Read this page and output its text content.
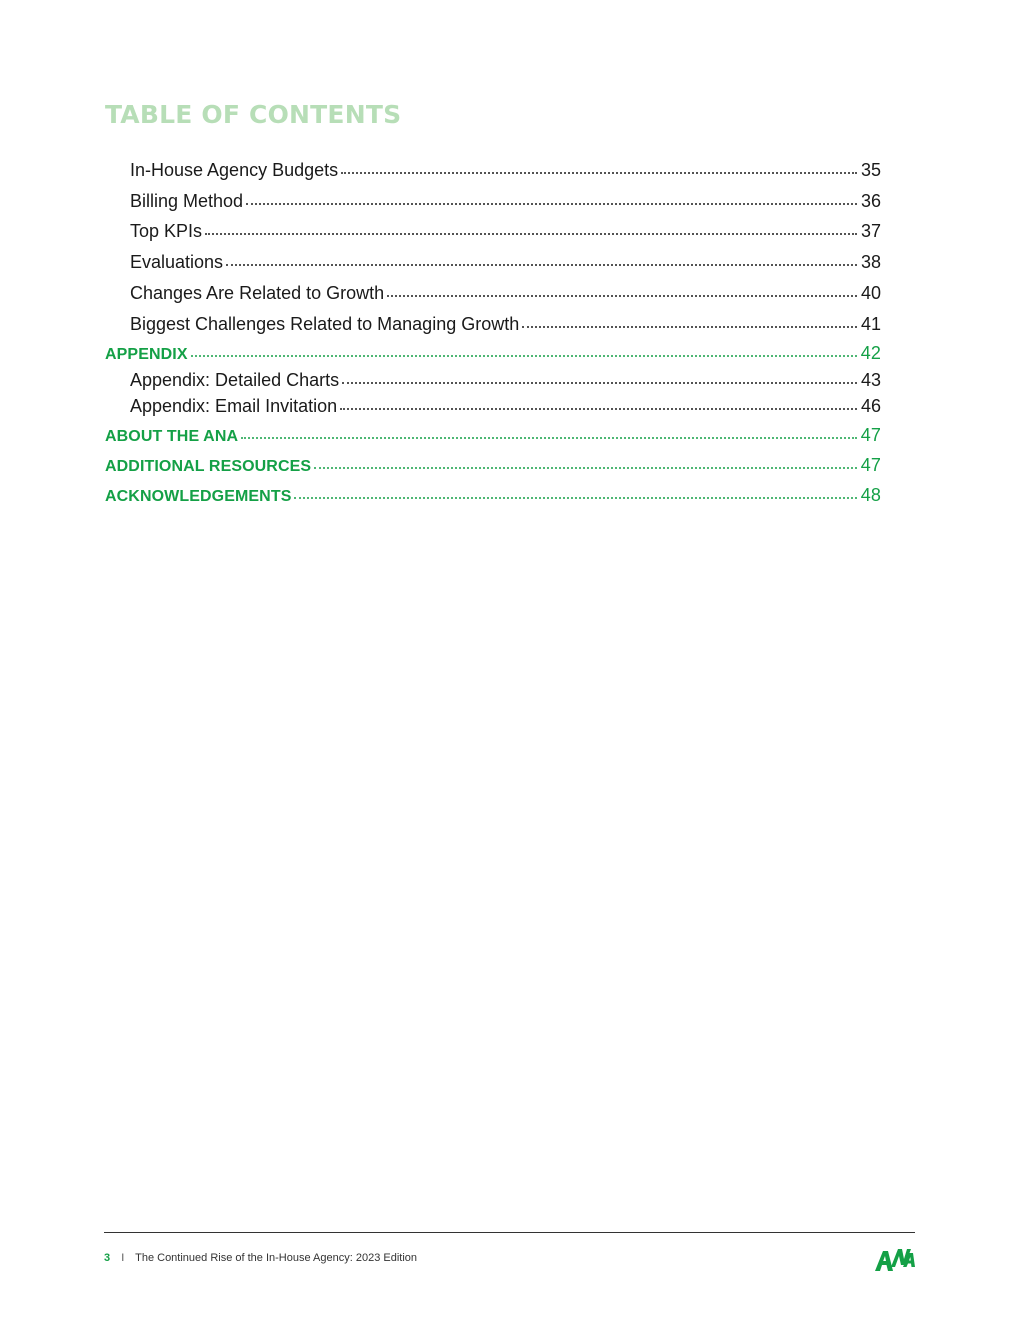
TABLE OF CONTENTS
In-House Agency Budgets	35
Billing Method	36
Top KPIs	37
Evaluations	38
Changes Are Related to Growth	40
Biggest Challenges Related to Managing Growth	41
APPENDIX	42
Appendix: Detailed Charts	43
Appendix: Email Invitation	46
ABOUT THE ANA	47
ADDITIONAL RESOURCES	47
ACKNOWLEDGEMENTS	48
3 I The Continued Rise of the In-House Agency: 2023 Edition
